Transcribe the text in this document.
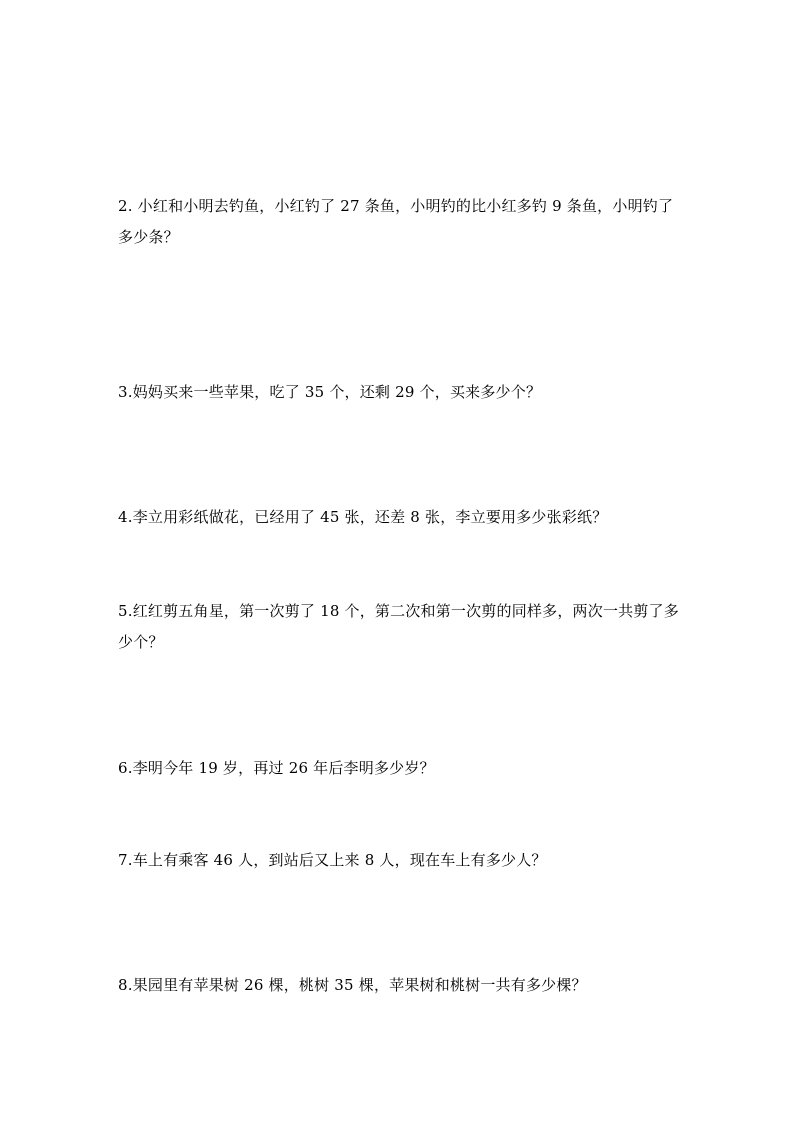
2. 小红和小明去钓鱼，小红钓了 27 条鱼，小明钓的比小红多钓 9 条鱼，小明钓了多少条？

3.妈妈买来一些苹果，吃了 35 个，还剩 29 个，买来多少个？

4.李立用彩纸做花，已经用了 45 张，还差 8 张，李立要用多少张彩纸？

5.红红剪五角星，第一次剪了 18 个，第二次和第一次剪的同样多，两次一共剪了多少个？

6.李明今年 19 岁，再过 26 年后李明多少岁？

7.车上有乘客 46 人，到站后又上来 8 人，现在车上有多少人？

8.果园里有苹果树 26 棵，桃树 35 棵，苹果树和桃树一共有多少棵？
